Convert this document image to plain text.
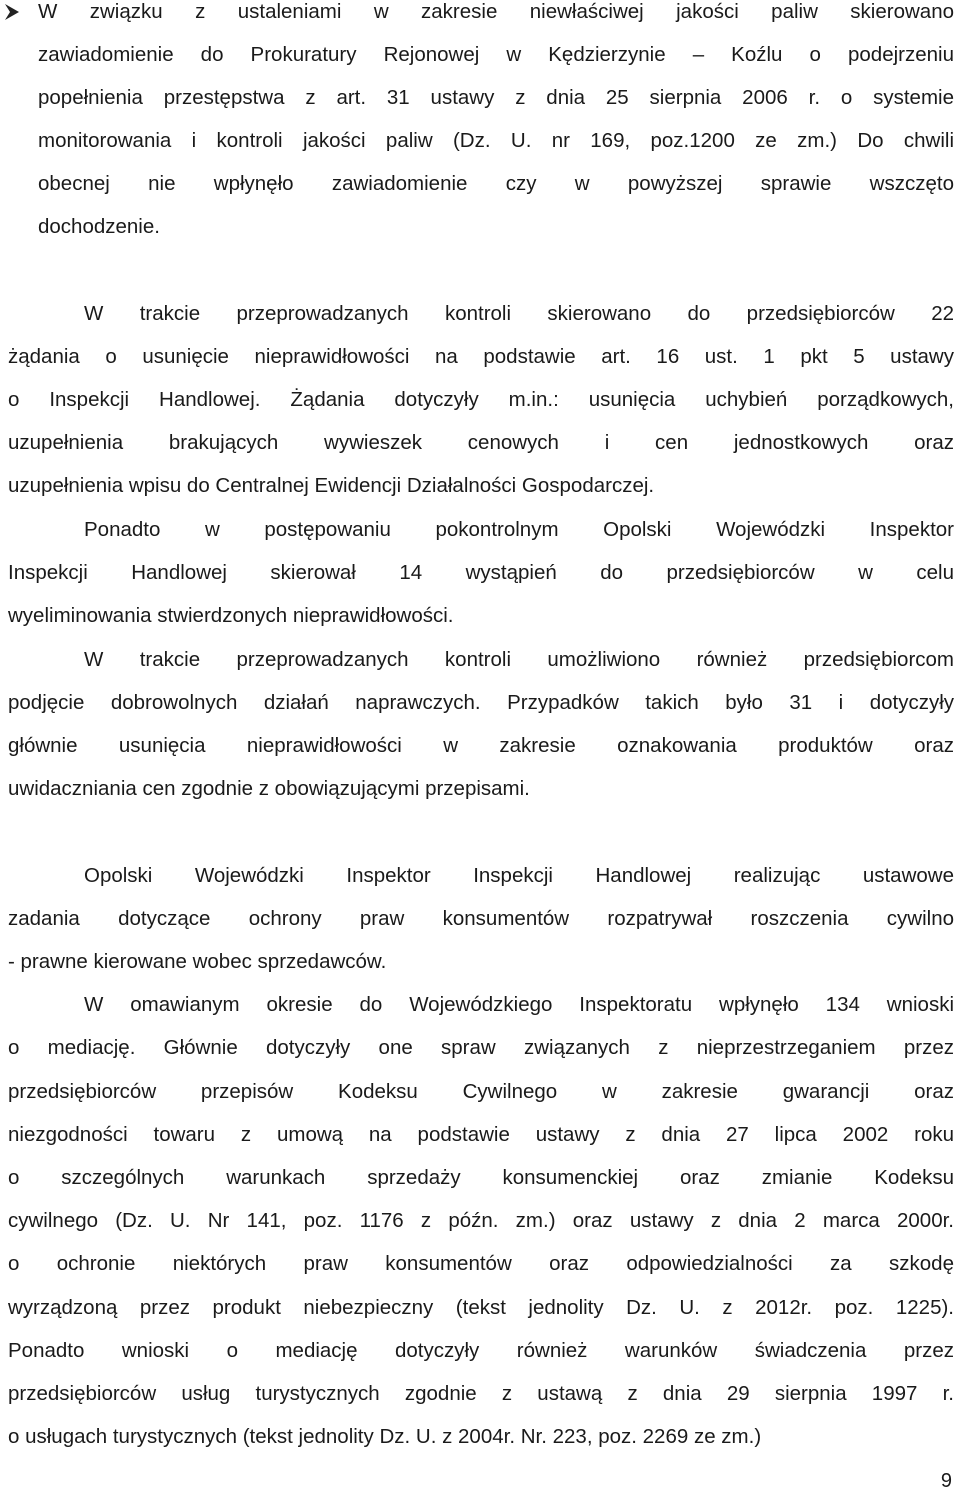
W związku z ustaleniami w zakresie niewłaściwej jakości paliw skierowano
zawiadomienie do Prokuratury Rejonowej w Kędzierzynie – Koźlu o podejrzeniu
popełnienia przestępstwa z art. 31 ustawy z dnia 25 sierpnia 2006 r. o systemie
monitorowania i kontroli jakości paliw (Dz. U. nr 169, poz.1200 ze zm.) Do chwili
obecnej nie wpłynęło zawiadomienie czy w powyższej sprawie wszczęto
dochodzenie.
W trakcie przeprowadzanych kontroli skierowano do przedsiębiorców 22
żądania o usunięcie nieprawidłowości na podstawie art. 16 ust. 1 pkt 5 ustawy
o Inspekcji Handlowej. Żądania dotyczyły m.in.: usunięcia uchybień porządkowych,
uzupełnienia brakujących wywieszek cenowych i cen jednostkowych oraz
uzupełnienia wpisu do Centralnej Ewidencji Działalności Gospodarczej.
Ponadto w postępowaniu pokontrolnym Opolski Wojewódzki Inspektor
Inspekcji Handlowej skierował 14 wystąpień do przedsiębiorców w celu
wyeliminowania stwierdzonych nieprawidłowości.
W trakcie przeprowadzanych kontroli umożliwiono również przedsiębiorcom
podjęcie dobrowolnych działań naprawczych. Przypadków takich było 31 i dotyczyły
głównie usunięcia nieprawidłowości w zakresie oznakowania produktów oraz
uwidaczniania cen zgodnie z obowiązującymi przepisami.
Opolski Wojewódzki Inspektor Inspekcji Handlowej realizując ustawowe
zadania dotyczące ochrony praw konsumentów rozpatrywał roszczenia cywilno
- prawne kierowane wobec sprzedawców.
W omawianym okresie do Wojewódzkiego Inspektoratu wpłynęło 134 wnioski
o mediację. Głównie dotyczyły one spraw związanych z nieprzestrzeganiem przez
przedsiębiorców przepisów Kodeksu Cywilnego w zakresie gwarancji oraz
niezgodności towaru z umową na podstawie ustawy z dnia 27 lipca 2002 roku
o szczególnych warunkach sprzedaży konsumenckiej oraz zmianie Kodeksu
cywilnego (Dz. U. Nr 141, poz. 1176 z późn. zm.) oraz ustawy z dnia 2 marca 2000r.
o ochronie niektórych praw konsumentów oraz odpowiedzialności za szkodę
wyrządzoną przez produkt niebezpieczny (tekst jednolity Dz. U. z 2012r. poz. 1225).
Ponadto wnioski o mediację dotyczyły również warunków świadczenia przez
przedsiębiorców usług turystycznych zgodnie z ustawą z dnia 29 sierpnia 1997 r.
o usługach turystycznych (tekst jednolity Dz. U. z 2004r. Nr. 223, poz. 2269 ze zm.)
9
